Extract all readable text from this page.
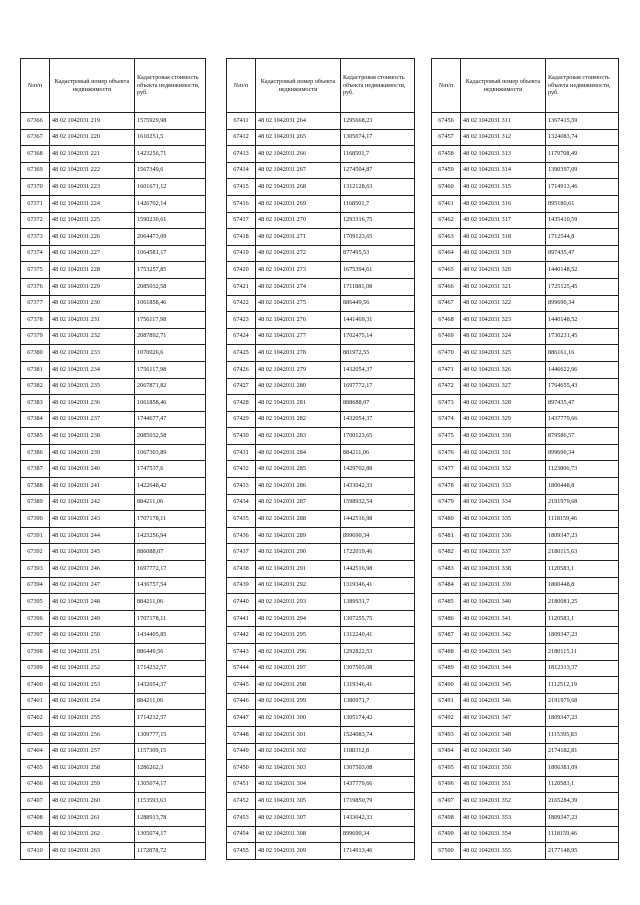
№п/п	Кадастровый номер объекта недвижимости	Кадастровая стоимость объекта недвижимости, руб.
67366	48 02 1042031 219	1575929,98
67367	48 02 1042031 220	1610251,5
67368	48 02 1042031 221	1423256,71
67369	48 02 1042031 222	1567349,6
67370	48 02 1042031 223	1601671,12
67371	48 02 1042031 224	1426702,14
67372	48 02 1042031 225	1590230,61
67373	48 02 1042031 226	2064473,09
67374	48 02 1042031 227	1064581,17
67375	48 02 1042031 228	1753257,85
67376	48 02 1042031 229	2085032,58
67377	48 02 1042031 230	1061858,46
67378	48 02 1042031 231	1756117,98
67379	48 02 1042031 232	2087892,71
67380	48 02 1042031 233	1070026,6
67381	48 02 1042031 234	1756117,98
67382	48 02 1042031 235	2067871,82
67383	48 02 1042031 236	1061858,46
67384	48 02 1042031 237	1744677,47
67385	48 02 1042031 238	2085032,58
67386	48 02 1042031 239	1067303,89
67387	48 02 1042031 240	1747537,6
67388	48 02 1042031 241	1422648,42
67389	48 02 1042031 242	884211,06
67390	48 02 1042031 243	1707178,11
67391	48 02 1042031 244	1423256,94
67392	48 02 1042031 245	886088,07
67393	48 02 1042031 246	1697772,17
67394	48 02 1042031 247	1436757,54
67395	48 02 1042031 248	884211,06
67396	48 02 1042031 249	1707178,11
67397	48 02 1042031 250	1434405,85
67398	48 02 1042031 251	886449,56
67399	48 02 1042031 252	1714232,57
67400	48 02 1042031 253	1432054,37
67401	48 02 1042031 254	884211,06
67402	48 02 1042031 255	1714232,57
67403	48 02 1042031 256	1309777,15
67404	48 02 1042031 257	1157309,15
67405	48 02 1042031 258	1286262,3
67406	48 02 1042031 259	1305074,17
67407	48 02 1042031 260	1153593,63
67408	48 02 1042031 261	1288913,78
67409	48 02 1042031 262	1305074,17
67410	48 02 1042031 263	1172878,72
№п/п	Кадастровый номер объекта недвижимости	Кадастровая стоимость объекта недвижимости, руб.
67411	48 02 1042031 264	1295668,23
67412	48 02 1042031 265	1305074,17
67413	48 02 1042031 266	1168501,7
67414	48 02 1042031 267	1274504,87
67415	48 02 1042031 268	1312128,63
67416	48 02 1042031 269	1168501,7
67417	48 02 1042031 270	1293316,75
67418	48 02 1042031 271	1709123,65
67419	48 02 1042031 272	877495,53
67420	48 02 1042031 273	1675394,61
67421	48 02 1042031 274	1711881,08
67422	48 02 1042031 275	886449,56
67423	48 02 1042031 276	1441469,31
67424	48 02 1042031 277	1702475,14
67425	48 02 1042031 278	881972,55
67426	48 02 1042031 279	1432054,37
67427	48 02 1042031 280	1697772,17
67428	48 02 1042031 281	888688,07
67429	48 02 1042031 282	1432054,37
67430	48 02 1042031 283	1700123,65
67431	48 02 1042031 284	884211,06
67432	48 02 1042031 285	1429702,88
67433	48 02 1042031 286	1433042,33
67434	48 02 1042031 287	1598932,54
67435	48 02 1042031 288	1442516,98
67436	48 02 1042031 289	899690,34
67437	48 02 1042031 290	1722019,46
67438	48 02 1042031 291	1442516,98
67439	48 02 1042031 292	1319346,41
67440	48 02 1042031 293	1389931,7
67441	48 02 1042031 294	1307255,75
67442	48 02 1042031 295	1312240,41
67443	48 02 1042031 296	1292822,53
67444	48 02 1042031 297	1307503,08
67445	48 02 1042031 298	1319346,41
67446	48 02 1042031 299	1380971,7
67447	48 02 1042031 300	1305174,42
67448	48 02 1042031 301	1524083,74
67449	48 02 1042031 302	1188312,8
67450	48 02 1042031 303	1307503,08
67451	48 02 1042031 304	1437779,66
67452	48 02 1042031 305	1719850,79
67453	48 02 1042031 307	1433042,33
67454	48 02 1042031 308	899690,34
67455	48 02 1042031 309	1714913,46
№п/п	Кадастровый номер объекта недвижимости	Кадастровая стоимость объекта недвижимости, руб.
67456	48 02 1042031 311	1367415,59
67457	48 02 1042031 312	1324083,74
67458	48 02 1042031 313	1179708,49
67459	48 02 1042031 314	1390397,09
67460	48 02 1042031 315	1714913,46
67461	48 02 1042031 316	895180,61
67462	48 02 1042031 317	1435410,59
67463	48 02 1042031 318	1712544,8
67464	48 02 1042031 319	897435,47
67465	48 02 1042031 320	1440148,52
67466	48 02 1042031 321	1725125,45
67467	48 02 1042031 322	899690,34
67468	48 02 1042031 323	1440148,52
67469	48 02 1042031 324	1730231,45
67470	48 02 1042031 325	886161,16
67471	48 02 1042031 326	1446622,96
67472	48 02 1042031 327	1764655,43
67473	48 02 1042031 328	897435,47
67474	48 02 1042031 329	1437779,66
67475	48 02 1042031 330	879586,57
67476	48 02 1042031 331	899690,34
67477	48 02 1042031 332	1123806,73
67478	48 02 1042031 333	1800448,8
67479	48 02 1042031 334	2191979,68
67480	48 02 1042031 335	1118159,46
67481	48 02 1042031 336	1809347,23
67482	48 02 1042031 337	2180115,63
67483	48 02 1042031 338	1120583,1
67484	48 02 1042031 339	1800448,8
67485	48 02 1042031 340	2180081,25
67486	48 02 1042031 341	1120583,1
67487	48 02 1042031 342	1809347,23
67488	48 02 1042031 343	2180115,11
67489	48 02 1042031 344	1812313,37
67490	48 02 1042031 345	1112512,19
67491	48 02 1042031 346	2191979,68
67492	48 02 1042031 347	1809347,23
67493	48 02 1042031 348	1115395,83
67494	48 02 1042031 349	2174182,81
67495	48 02 1042031 350	1806381,09
67496	48 02 1042031 351	1120583,1
67497	48 02 1042031 352	2165284,39
67498	48 02 1042031 353	1809347,23
67499	48 02 1042031 354	1118159,46
67500	48 02 1042031 355	2177148,95
